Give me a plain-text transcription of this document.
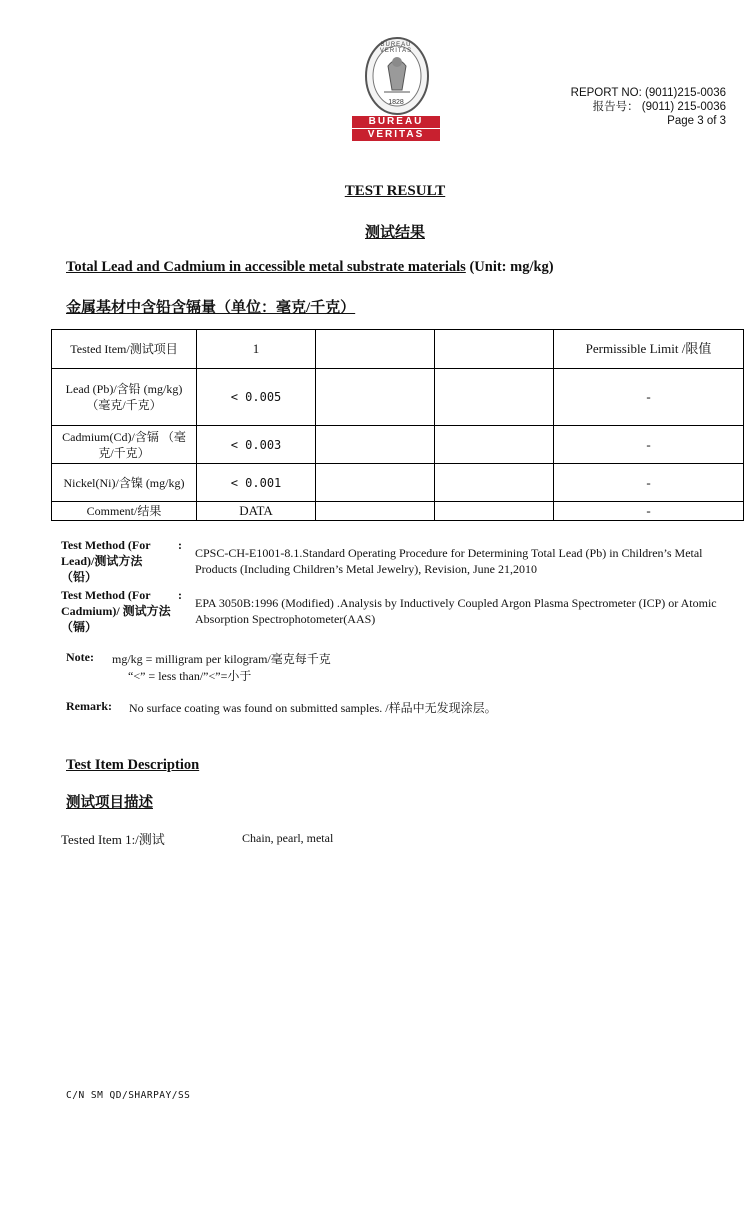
BUREAU VERITAS
1828
BUREAU
VERITAS
REPORT NO: (9011)215-0036
报告号： (9011) 215-0036
Page 3 of 3
TEST RESULT
测试结果
Total Lead and Cadmium in accessible metal substrate materials (Unit: mg/kg)
金属基材中含铅含镉量（单位：毫克/千克）
Tested Item/测试项目	1			Permissible Limit /限值
Lead (Pb)/含铅 (mg/kg) （毫克/千克）	< 0.005			-
Cadmium(Cd)/含镉 （毫克/千克）	< 0.003			-
Nickel(Ni)/含镍 (mg/kg)	< 0.001			-
Comment/结果	DATA			-
Test Method (For Lead)/测试方法（铅）
:
CPSC-CH-E1001-8.1.Standard Operating Procedure for Determining Total Lead (Pb) in Children’s Metal Products (Including Children’s Metal Jewelry), Revision, June 21,2010
Test Method (For Cadmium)/ 测试方法（镉）
:
EPA 3050B:1996 (Modified) .Analysis by Inductively Coupled Argon Plasma Spectrometer (ICP) or Atomic Absorption Spectrophotometer(AAS)
Note: mg/kg = milligram per kilogram/毫克每千克
“<” = less than/”<”=小于
Remark: No surface coating was found on submitted samples. /样品中无发现涂层。
Test Item Description
测试项目描述
Tested Item 1:/测试	Chain, pearl, metal
C/N SM QD/SHARPAY/SS
